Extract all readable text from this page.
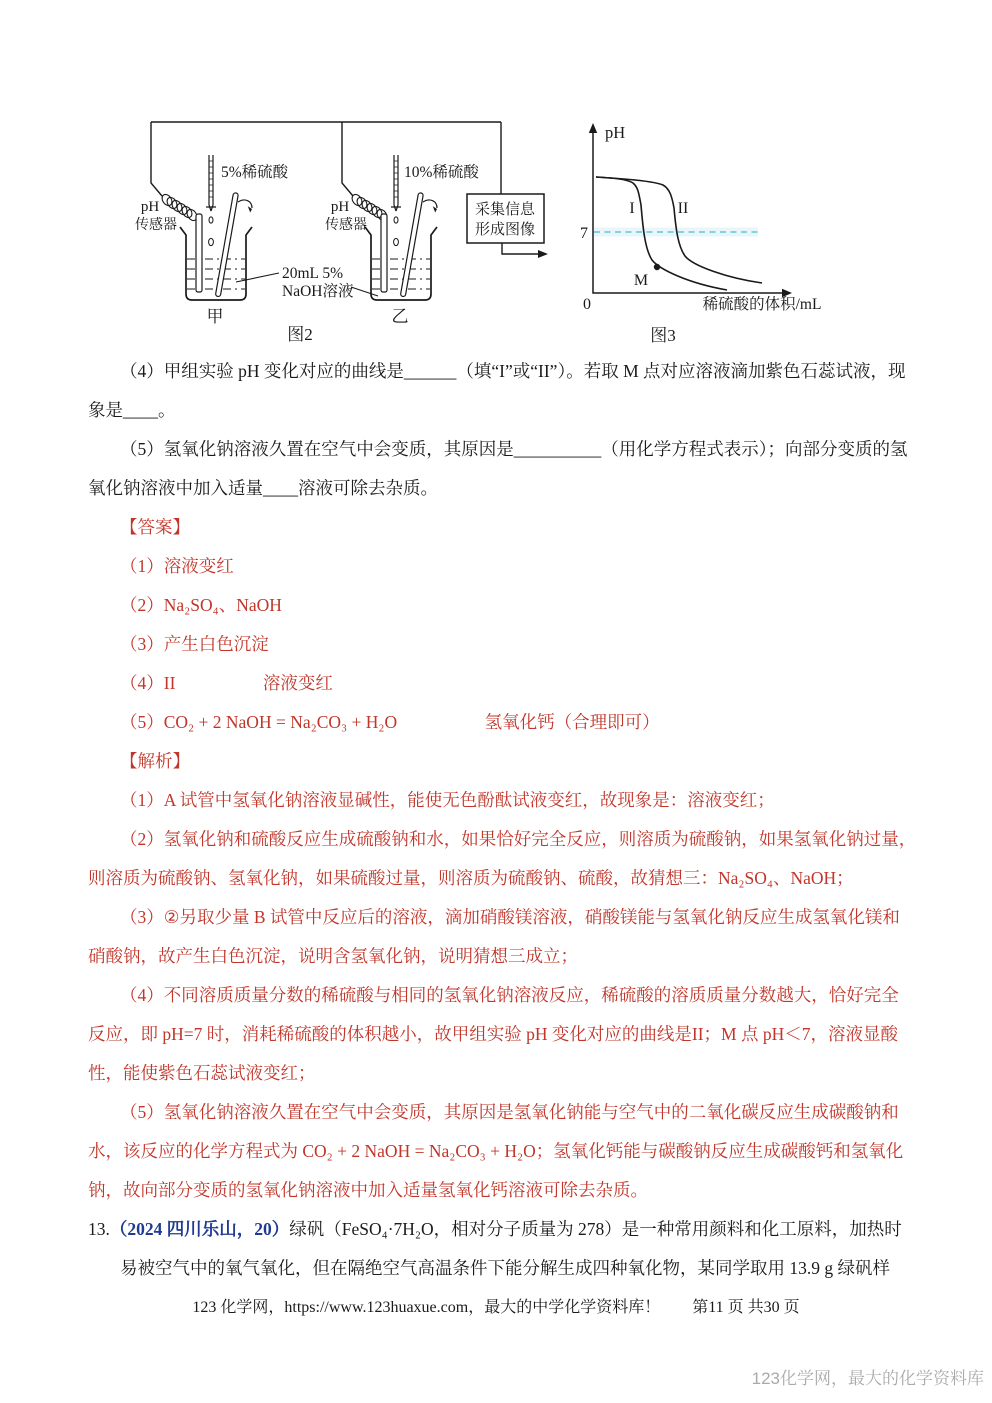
pH
传感器
pH
传感器
5%稀硫酸
甲
10%稀硫酸
乙
20mL 5%
NaOH溶液
采集信息
形成图像
图2
pH
7
I	II
M
0	稀硫酸的体积/mL
图3
（4）甲组实验 pH 变化对应的曲线是______（填“I”或“II”）。若取 M 点对应溶液滴加紫色石蕊试液，现
象是____。
（5）氢氧化钠溶液久置在空气中会变质，其原因是__________（用化学方程式表示）；向部分变质的氢
氧化钠溶液中加入适量____溶液可除去杂质。
【答案】
（1）溶液变红
（2）Na₂SO₄、NaOH
（3）产生白色沉淀
（4）II　　　　　溶液变红
（5）CO₂ + 2 NaOH = Na₂CO₃ + H₂O　　　　　氢氧化钙（合理即可）
【解析】
（1）A 试管中氢氧化钠溶液显碱性，能使无色酚酞试液变红，故现象是：溶液变红；
（2）氢氧化钠和硫酸反应生成硫酸钠和水，如果恰好完全反应，则溶质为硫酸钠，如果氢氧化钠过量，
则溶质为硫酸钠、氢氧化钠，如果硫酸过量，则溶质为硫酸钠、硫酸，故猜想三：Na₂SO₄、NaOH；
（3）②另取少量 B 试管中反应后的溶液，滴加硝酸镁溶液，硝酸镁能与氢氧化钠反应生成氢氧化镁和
硝酸钠，故产生白色沉淀，说明含氢氧化钠，说明猜想三成立；
（4）不同溶质质量分数的稀硫酸与相同的氢氧化钠溶液反应，稀硫酸的溶质质量分数越大，恰好完全
反应，即 pH=7 时，消耗稀硫酸的体积越小，故甲组实验 pH 变化对应的曲线是II；M 点 pH＜7，溶液显酸
性，能使紫色石蕊试液变红；
（5）氢氧化钠溶液久置在空气中会变质，其原因是氢氧化钠能与空气中的二氧化碳反应生成碳酸钠和
水，该反应的化学方程式为 CO₂ + 2 NaOH = Na₂CO₃ + H₂O；氢氧化钙能与碳酸钠反应生成碳酸钙和氢氧化
钠，故向部分变质的氢氧化钠溶液中加入适量氢氧化钙溶液可除去杂质。
13.（2024 四川乐山，20）绿矾（FeSO₄·7H₂O，相对分子质量为 278）是一种常用颜料和化工原料，加热时
易被空气中的氧气氧化，但在隔绝空气高温条件下能分解生成四种氧化物，某同学取用 13.9 g 绿矾样
123 化学网，https://www.123huaxue.com，最大的中学化学资料库！　　第11 页 共30 页
123化学网，最大的化学资料库
